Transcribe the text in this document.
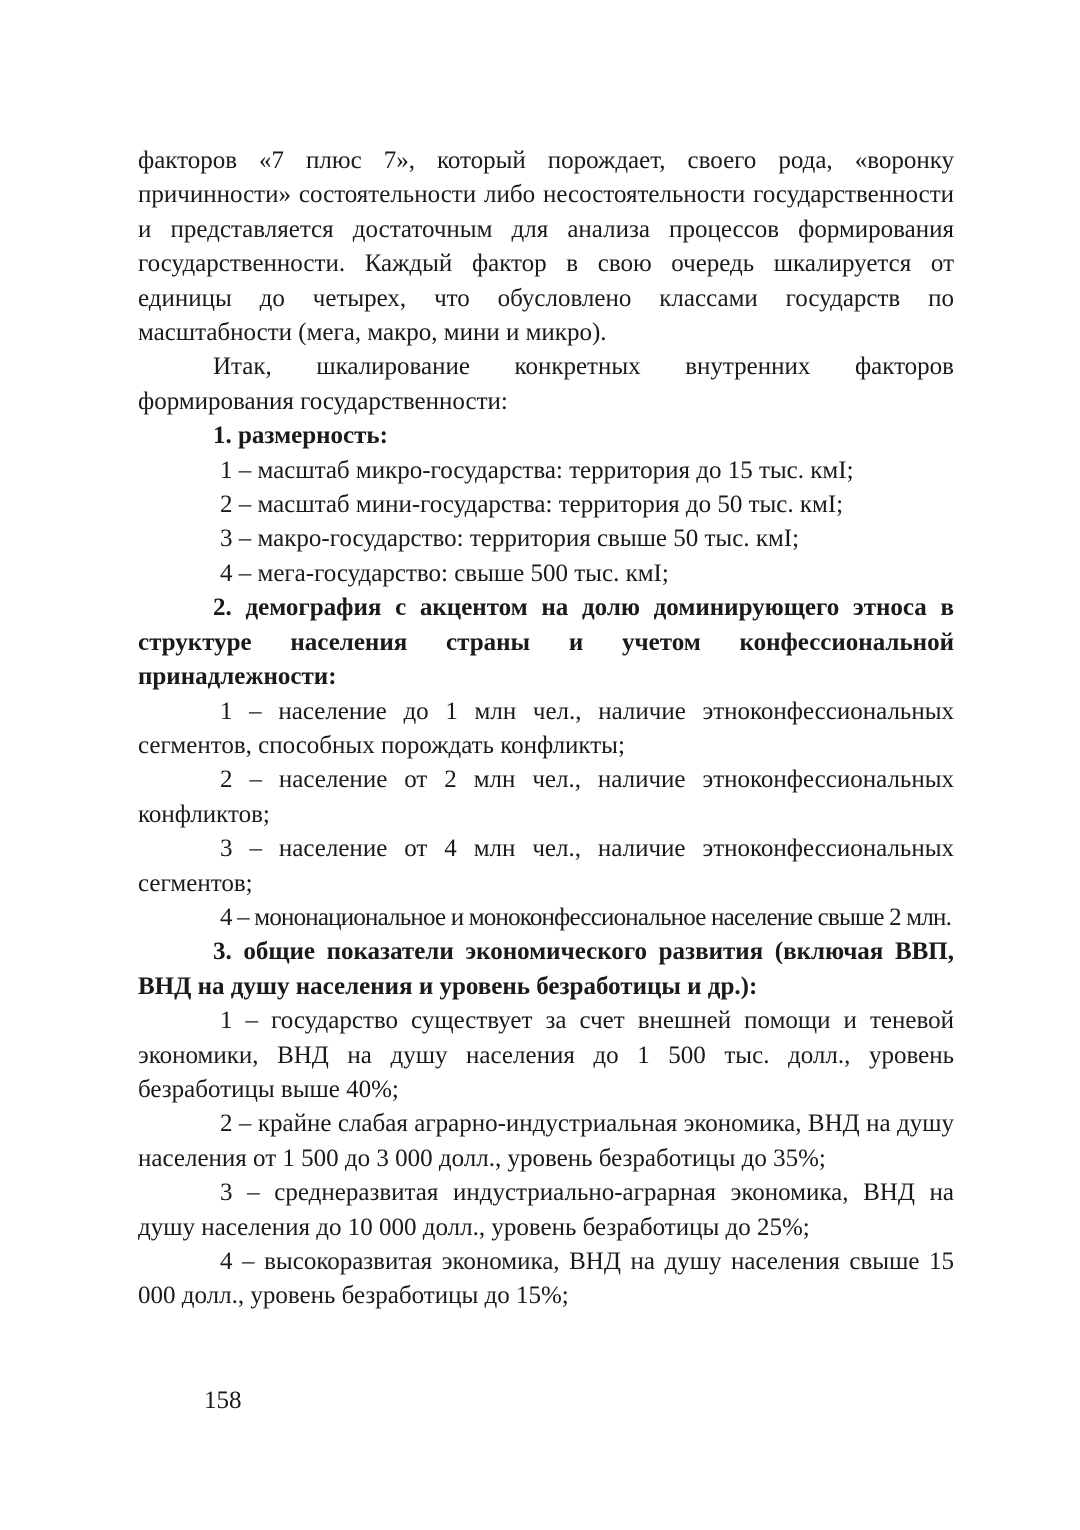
факторов «7 плюс 7», который порождает, своего рода, «воронку причинности» состоятельности либо несостоятельности государственности и представляется достаточным для анализа процессов формирования государственности. Каждый фактор в свою очередь шкалируется от единицы до четырех, что обусловлено классами государств по масштабности (мега, макро, мини и микро).

Итак, шкалирование конкретных внутренних факторов формирования государственности:

1. размерность:

1 – масштаб микро-государства: территория до 15 тыс. кмІ;

2 – масштаб мини-государства: территория до 50 тыс. кмІ;

3 – макро-государство: территория свыше 50 тыс. кмІ;

4 – мега-государство: свыше 500 тыс. кмІ;

2. демография с акцентом на долю доминирующего этноса в структуре населения страны и учетом конфессиональной принадлежности:

1 – население до 1 млн чел., наличие этноконфессиональных сегментов, способных порождать конфликты;

2 – население от 2 млн чел., наличие этноконфессиональных конфликтов;

3 – население от 4 млн чел., наличие этноконфессиональных сегментов;

4 – мононациональное и моноконфессиональное население свыше 2 млн.

3. общие показатели экономического развития (включая ВВП, ВНД на душу населения и уровень безработицы и др.):

1 – государство существует за счет внешней помощи и теневой экономики, ВНД на душу населения до 1 500 тыс. долл., уровень безработицы выше 40%;

2 – крайне слабая аграрно-индустриальная экономика, ВНД на душу населения от 1 500 до 3 000 долл., уровень безработицы до 35%;

3 – среднеразвитая индустриально-аграрная экономика, ВНД на душу населения до 10 000 долл., уровень безработицы до 25%;

4 – высокоразвитая экономика, ВНД на душу населения свыше 15 000 долл., уровень безработицы до 15%;

158
